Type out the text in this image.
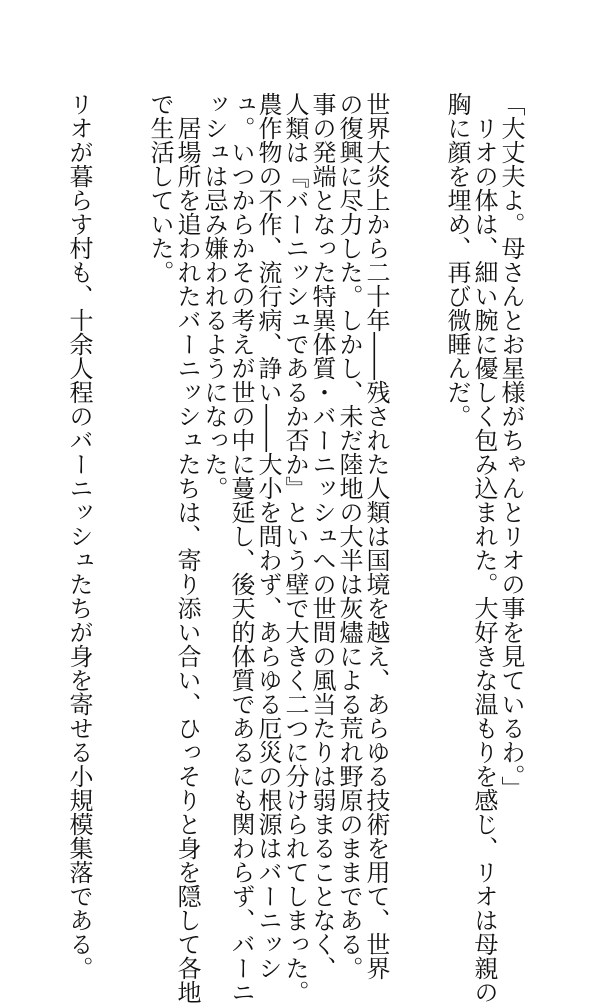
「大丈夫よ。母さんとお星様がちゃんとリオの事を見ているわ。」
　リオの体は、細い腕に優しく包み込まれた。大好きな温もりを感じ、リオは母親の
胸に顔を埋め、再び微睡んだ。
世界大炎上から二十年――残された人類は国境を越え、あらゆる技術を用て、世界
の復興に尽力した。しかし、未だ陸地の大半は灰燼による荒れ野原のままである。
事の発端となった特異体質・バーニッシュへの世間の風当たりは弱まることなく、
人類は『バーニッシュであるか否か』という壁で大きく二つに分けられてしまった。
農作物の不作、流行病、諍い――大小を問わず、あらゆる厄災の根源はバーニッシ
ュ。いつからかその考えが世の中に蔓延し、後天的体質であるにも関わらず、バーニ
ッシュは忌み嫌われるようになった。
　居場所を追われたバーニッシュたちは、寄り添い合い、ひっそりと身を隠して各地
で生活していた。
リオが暮らす村も、十余人程のバーニッシュたちが身を寄せる小規模集落である。
